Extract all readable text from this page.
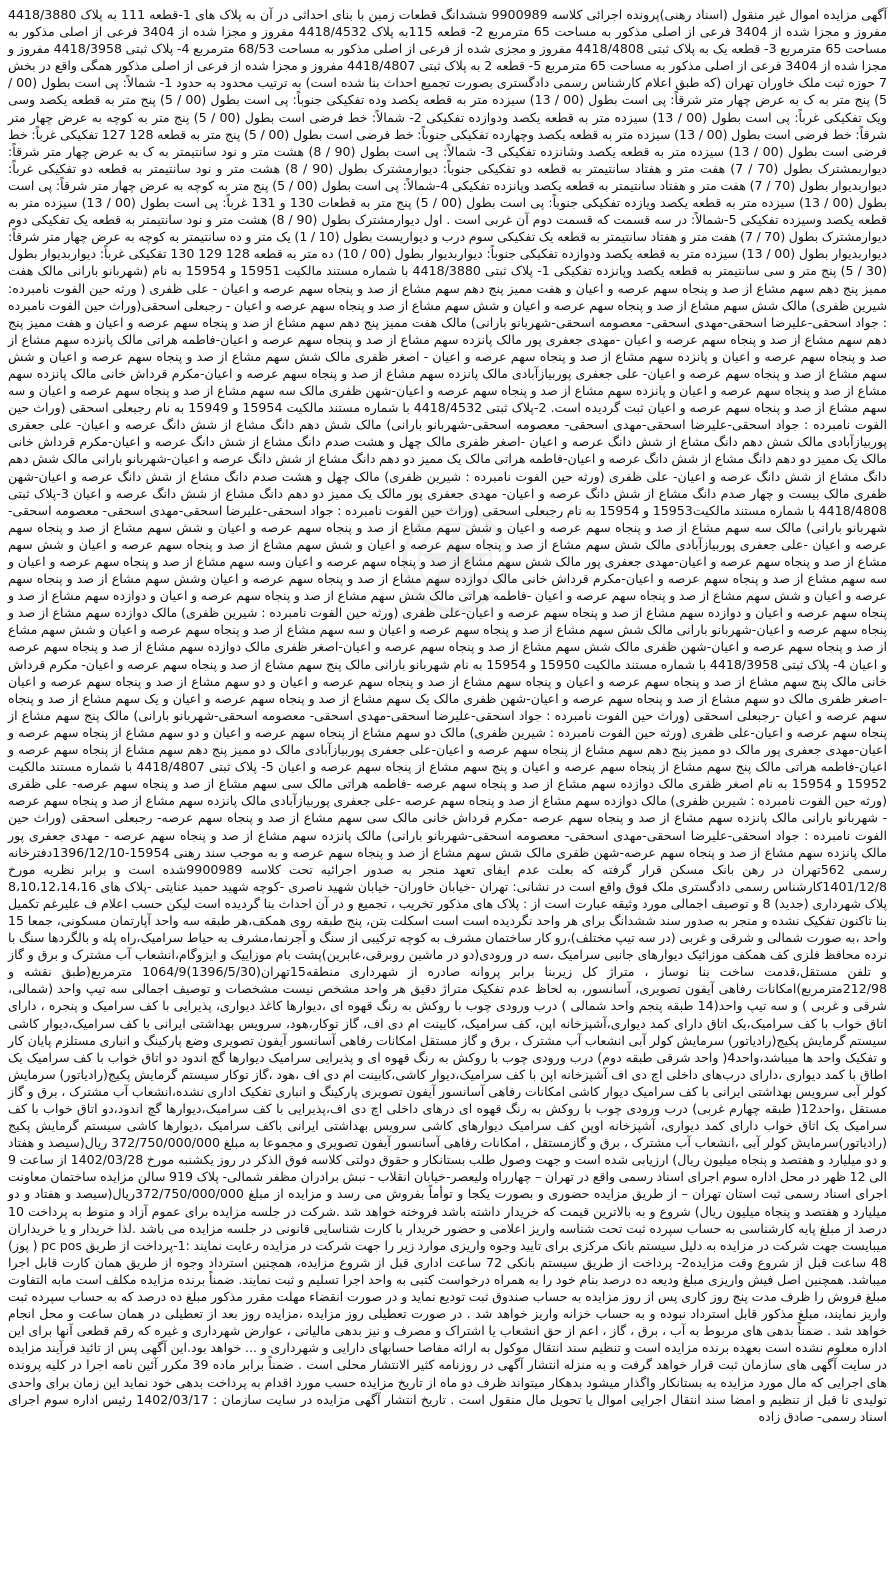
آگهی مزایده اموال غیر منقول (اسناد رهنی)پرونده اجرائی کلاسه 9900989 ششدانگ قطعات زمین با بنای احداثی در آن به پلاک های 1-قطعه 111 به پلاک 4418/3880 مفروز و مجزا شده از 3404 فرعی از اصلی مذکور به مساحت 65 مترمربع 2- قطعه 115به پلاک 4418/4532 مفروز و مجزا شده از 3404 فرعی از اصلی مذکور به مساحت 65 مترمربع 3- قطعه یک به پلاک ثبتی 4418/4808 مفروز و مجزی شده از فرعی از اصلی مذکور به مساحت 68/53 مترمربع 4- پلاک ثبتی 4418/3958 مفروز و مجزا شده از 3404 فرعی از اصلی مذکور به مساحت 65 مترمربع 5- قطعه 2 به پلاک ثبتی 4418/4807 مفروز و مجزا شده از فرعی از اصلی مذکور همگی واقع در بخش 7 حوزه ثبت ملک خاوران تهران (که طبق اعلام کارشناس رسمی دادگستری بصورت تجمیع احداث بنا شده است) به ترتیب محدود به حدود 1- شمالاً: پی است بطول (00 / 5) پنج متر به ک به عرض چهار متر شرقاً: پی است بطول (00 / 13) سیزده متر به قطعه یکصد وده تفکیکی جنوباً: پی است بطول (00 / 5) پنج متر به قطعه یکصد وسی ویک تفکیکی غرباً: پی است بطول (00 / 13) سیزده متر به قطعه یکصد ودوازده تفکیکی 2- شمالاً: خط فرضی است بطول (00 / 5) پنج متر به کوچه به عرض چهار متر شرقاً: خط فرضی است بطول (00 / 13) سیزده متر به قطعه یکصد وچهارده تفکیکی جنوباً: خط فرضی است بطول (00 / 5) پنج متر به قطعه 128 127 تفکیکی غرباً: خط فرضی است بطول (00 / 13) سیزده متر به قطعه یکصد وشانزده تفکیکی 3- شمالاً: پی است بطول (90 / 8) هشت متر و نود سانتیمتر به ک به عرض چهار متر شرقاً: دیواربمشترک بطول (70 / 7) هفت متر و هفتاد سانتیمتر به قطعه دو تفکیکی جنوباً: دیوارمشترک بطول (90 / 8) هشت متر و نود سانتیمتر به قطعه دو تفکیکی غرباً: دیواربدیوار بطول (70 / 7) هفت متر و هفتاد سانتیمتر به قطعه یکصد وپانزده تفکیکی 4-شمالاً: پی است بطول (00 / 5) پنج متر به کوچه به عرض چهار متر شرقاً: پی است بطول (00 / 13) سیزده متر به قطعه یکصد ویازده تفکیکی جنوباً: پی است بطول (00 / 5) پنج متر به قطعات 130 و 131 غرباً: پی است بطول (00 / 13) سیزده متر به قطعه یکصد وسیزده تفکیکی 5-شمالاً: در سه قسمت که قسمت دوم آن غربی است . اول دیوارمشترک بطول (90 / 8) هشت متر و نود سانتیمتر به قطعه یک تفکیکی دوم دیوارمشترک بطول (70 / 7) هفت متر و هفتاد سانتیمتر به قطعه یک تفکیکی سوم درب و دیواریست بطول (10 / 1) یک متر و ده سانتیمتر به کوچه به عرض چهار متر شرقاً: دیواربدیوار بطول (00 / 13) سیزده متر به قطعه یکصد ودوازده تفکیکی جنوباً: دیواربدیوار بطول (00 / 10) ده متر به قطعه 128 129 130 تفکیکی غرباً: دیواربدیوار بطول (30 / 5) پنج متر و سی سانتیمتر به قطعه یکصد وپانزده تفکیکی 1- پلاک ثبتی 4418/3880 با شماره مستند مالکیت 15951 و 15954 به نام (شهربانو بارانی مالک هفت ممیز پنج دهم سهم مشاع از صد و پنجاه سهم عرصه و اعیان و هفت ممیز پنج دهم سهم مشاع از صد و پنجاه سهم عرصه و اعیان - علی ظفری ( ورثه حین الفوت نامبرده: شیرین ظفری) مالک شش سهم مشاع از صد و پنجاه سهم عرصه و اعیان و شش سهم مشاع از صد و پنجاه سهم عرصه و اعیان - رجبعلی اسحقی(وراث حین الفوت نامبرده : جواد اسحقی-علیرضا اسحقی-مهدی اسحقی- معصومه اسحقی-شهربانو بارانی) مالک هفت ممیز پنج دهم سهم مشاع از صد و پنجاه سهم عرصه و اعیان و هفت ممیز پنج دهم سهم مشاع از صد و پنجاه سهم عرصه و اعیان -مهدی جعفری پور مالک پانزده سهم مشاع از صد و پنجاه سهم عرصه و اعیان-فاطمه هراتی مالک پانزده سهم مشاع از صد و پنجاه سهم عرصه و اعیان و پانزده سهم مشاع از صد و پنجاه سهم عرصه و اعیان - اصغر ظفری مالک شش سهم مشاع از صد و پنجاه سهم عرصه و اعیان و شش سهم مشاع از صد و پنجاه سهم عرصه و اعیان- علی جعفری پوربیازآبادی مالک پانزده سهم مشاع از صد و پنجاه سهم عرصه و اعیان-مکرم قرداش خانی مالک پانزده سهم مشاع از صد و پنجاه سهم عرصه و اعیان و پانزده سهم مشاع از صد و پنجاه سهم عرصه و اعیان-شهن ظفری مالک سه سهم مشاع از صد و پنجاه سهم عرصه و اعیان و سه سهم مشاع از صد و پنجاه سهم عرصه و اعیان ثبت گردیده است. 2-پلاک ثبتی 4418/4532 با شماره مستند مالکیت 15954 و 15949 به نام رجبعلی اسحقی (وراث حین الفوت نامبرده : جواد اسحقی-علیرضا اسحقی-مهدی اسحقی- معصومه اسحقی-شهربانو بارانی) مالک شش دهم دانگ مشاع از شش دانگ عرصه و اعیان- علی جعفری پوربیازآبادی مالک شش دهم دانگ مشاع از شش دانگ عرصه و اعیان -اصغر ظفری مالک چهل و هشت صدم دانگ مشاع از شش دانگ عرصه و اعیان-مکرم قرداش خانی مالک یک ممیز دو دهم دانگ مشاع از شش دانگ عرصه و اعیان-فاطمه هراتی مالک یک ممیز دو دهم دانگ مشاع از شش دانگ عرصه و اعیان-شهربانو بارانی مالک شش دهم دانگ مشاع از شش دانگ عرصه و اعیان- علی ظفری (ورثه حین الفوت نامبرده : شیرین ظفری) مالک چهل و هشت صدم دانگ مشاع از شش دانگ عرصه و اعیان-شهن ظفری مالک بیست و چهار صدم دانگ مشاع از شش دانگ عرصه و اعیان- مهدی جعفری پور مالک یک ممیز دو دهم دانگ مشاع از شش دانگ عرصه و اعیان 3-پلاک ثبتی 4418/4808 با شماره مستند مالکیت15953 و 15954 به نام رجبعلی اسحقی (وراث حین الفوت نامبرده : جواد اسحقی-علیرضا اسحقی-مهدی اسحقی- معصومه اسحقی-شهربانو بارانی) مالک سه سهم مشاع از صد و پنجاه سهم عرصه و اعیان و شش سهم مشاع از صد و پنجاه سهم عرصه و اعیان و شش سهم مشاع از صد و پنجاه سهم عرصه و اعیان -علی جعفری پوربیازآبادی مالک شش سهم مشاع از صد و پنجاه سهم عرصه و اعیان و شش سهم مشاع از صد و پنجاه سهم عرصه و اعیان و شش سهم مشاع از صد و پنجاه سهم عرصه و اعیان-مهدی جعفری پور مالک شش سهم مشاع از صد و پنجاه سهم عرصه و اعیان وسه سهم مشاع از صد و پنجاه سهم عرصه و اعیان و سه سهم مشاع از صد و پنجاه سهم عرصه و اعیان-مکرم قرداش خانی مالک دوازده سهم مشاع از صد و پنجاه سهم عرصه و اعیان وشش سهم مشاع از صد و پنجاه سهم عرصه و اعیان و شش سهم مشاع از صد و پنجاه سهم عرصه و اعیان -فاطمه هراتی مالک شش سهم مشاع از صد و پنجاه سهم عرصه و اعیان و دوازده سهم مشاع از صد و پنجاه سهم عرصه و اعیان و دوازده سهم مشاع از صد و پنجاه سهم عرصه و اعیان-علی ظفری (ورثه حین الفوت نامبرده : شیرین ظفری) مالک دوازده سهم مشاع از صد و پنجاه سهم عرصه و اعیان-شهربانو بارانی مالک شش سهم مشاع از صد و پنجاه سهم عرصه و اعیان و سه سهم مشاع از صد و پنجاه سهم عرصه و اعیان و شش سهم مشاع از صد و پنجاه سهم عرصه و اعیان-شهن ظفری مالک شش سهم مشاع از صد و پنجاه سهم عرصه و اعیان-اصغر ظفری مالک دوازده سهم مشاع از صد و پنجاه سهم عرصه و اعیان 4- پلاک ثبتی 4418/3958 با شماره مستند مالکیت 15950 و 15954 به نام شهربانو بارانی مالک پنج سهم مشاع از صد و پنجاه سهم عرصه و اعیان- مکرم قرداش خانی مالک پنج سهم مشاع از صد و پنجاه سهم عرصه و اعیان و پنجاه سهم مشاع از صد و پنجاه سهم عرصه و اعیان و دو سهم مشاع از صد و پنجاه سهم عرصه و اعیان -اصغر ظفری مالک دو سهم مشاع از صد و پنجاه سهم عرصه و اعیان-شهن ظفری مالک یک سهم مشاع از صد و پنجاه سهم عرصه و اعیان و یک سهم مشاع از صد و پنجاه سهم عرصه و اعیان -رجبعلی اسحقی (وراث حین الفوت نامبرده : جواد اسحقی-علیرضا اسحقی-مهدی اسحقی- معصومه اسحقی-شهربانو بارانی) مالک پنج سهم مشاع از پنجاه سهم عرصه و اعیان-علی ظفری (ورثه حین الفوت نامبرده : شیرین ظفری) مالک دو سهم مشاع از پنجاه سهم عرصه و اعیان و دو سهم مشاع از پنجاه سهم عرصه و اعیان-مهدی جعفری پور مالک دو ممیز پنج دهم سهم مشاع از پنجاه سهم عرصه و اعیان-علی جعفری پوربیازآبادی مالک دو ممیز پنج دهم سهم مشاع از پنجاه سهم عرصه و اعیان-فاطمه هراتی مالک پنج سهم مشاع از پنجاه سهم عرصه و اعیان و پنج سهم مشاع از پنجاه سهم عرصه و اعیان 5- پلاک ثبتی 4418/4807 با شماره مستند مالکیت 15952 و 15954 به نام اصغر ظفری مالک دوازده سهم مشاع از صد و پنجاه سهم عرصه -فاطمه هراتی مالک سی سهم مشاع از صد و پنجاه سهم عرصه- علی ظفری (ورثه حین الفوت نامبرده : شیرین ظفری) مالک دوازده سهم مشاع از صد و پنجاه سهم عرصه -علی جعفری پوربیازآبادی مالک پانزده سهم مشاع از صد و پنجاه سهم عرصه - شهربانو بارانی مالک پانزده سهم مشاع از صد و پنجاه سهم عرصه -مکرم قرداش خانی مالک سی سهم مشاع از صد و پنجاه سهم عرصه- رجبعلی اسحقی (وراث حین الفوت نامبرده : جواد اسحقی-علیرضا اسحقی-مهدی اسحقی- معصومه اسحقی-شهربانو بارانی) مالک پانزده سهم مشاع از صد و پنجاه سهم عرصه - مهدی جعفری پور مالک پانزده سهم مشاع از صد و پنجاه سهم عرصه-شهن ظفری مالک شش سهم مشاع از صد و پنجاه سهم عرصه و به موجب سند رهنی 15954-1396/12/10دفترخانه رسمی 562تهران در رهن بانک مسکن قرار گرفته که بعلت عدم ایفای تعهد منجر به صدور اجرائیه تحت کلاسه 9900989شده است و برابر نظریه مورخ 1401/12/8کارشناس رسمی دادگستری ملک فوق واقع است در نشانی: تهران -خیابان خاوران- خیابان شهید ناصری -کوچه شهید حمید عنایتی -پلاک های 8،10،12،14،16 پلاک شهرداری (جدید) 8 و توصیف اجمالی مورد وثیقه عبارت است از : پلاک های مذکور تخریب ، تجمیع و در آن احداث بنا گردیده است لیکن حسب اعلام ف علیرغم تکمیل بنا تاکنون تفکیک نشده و منجر به صدور سند ششدانگ برای هر واحد نگردیده است است اسکلت بتن، پنج طبقه روی همکف،هر طبقه سه واحد آپارتمان مسکونی، جمعا 15 واحد ،به صورت شمالی و شرقی و غربی (در سه تیپ مختلف)،رو کار ساختمان مشرف به کوچه ترکیبی از سنگ و آجرنما،مشرف به حیاط سرامیک،راه پله و بالگردها سنگ با نرده محافظ فلزی کف همکف موزائیک دیوارهای جانبی سرامیک ،سه در ورودی(دو در ماشین روبرقی،عابرین)پشت بام موزاییک و ایزوگام،انشعاب آب مشترک و برق و گاز و تلفن مستقل،قدمت ساخت بنا نوساز ، متراژ کل زیربنا برابر پروانه صادره از شهرداری منطقه15تهران(1396/5/30)1064/9 مترمربع(طبق نقشه و 212/98مترمربع)امکانات رفاهی آیفون تصویری، آسانسور، به لحاظ عدم تفکیک متراژ دقیق هر واحد مشخص نیست مشخصات و توصیف اجمالی سه تیپ واحد (شمالی، شرقی و غربی ) و سه تیپ واحد(14 طبقه پنجم واحد شمالی ) درب ورودی چوب با روکش به رنگ قهوه ای ،دیوارها کاغذ دیواری، پذیرایی با کف سرامیک و پنجره ، دارای اتاق خواب با کف سرامیک،یک اتاق دارای کمد دیواری،آشپزخانه اپن، کف سرامیک، کابینت ام دی اف، گاز توکار،هود، سرویس بهداشتی ایرانی با کف سرامیک،دیوار کاشی سیستم گرمایش پکیج(رادیاتور) سرمایش کولر آبی انشعاب آب مشترک ، برق و گاز مستقل امکانات رفاهی آسانسور آیفون تصویری وضع پارکینگ و انباری مستلزم پایان کار و تفکیک واحد ها میباشد،واحد4( واحد شرقی طبقه دوم) درب ورودی چوب با روکش به رنگ قهوه ای و پذیرایی سرامیک دیوارها گچ اندود دو اتاق خواب با کف سرامیک یک اطاق با کمد دیواری ،دارای درب‌های داخلی اچ دی اف آشپزخانه اپن با کف سرامیک،دیوار کاشی،کابینت ام دی اف ،هود ،گاز توکار سیستم گرمایش پکیج(رادیاتور) سرمایش کولر آبی سرویس بهداشتی ایرانی با کف سرامیک دیوار کاشی امکانات رفاهی آسانسور آیفون تصویری پارکینگ و انباری تفکیک اداری نشده،انشعاب آب مشترک ، برق و گاز مستقل ،واحد12( طبقه چهارم غربی) درب ورودی چوب با روکش به رنگ قهوه ای درهای داخلی اچ دی اف،پذیرایی با کف سرامیک،دیوارها گچ اندود،دو اتاق خواب با کف سرامیک یک اتاق خواب دارای کمد دیواری، آشپزخانه اوپن کف سرامیک دیوارهای کاشی سرویس بهداشتی ایرانی باکف سرامیک ،دیوارها کاشی سیستم گرمایش پکیج (رادیاتور)سرمایش کولر آبی ،انشعاب آب مشترک ، برق و گازمستقل ، امکانات رفاهی آسانسور آیفون تصویری و مجموعا به مبلغ 372/750/000/000 ریال(سیصد و هفتاد و دو میلیارد و هفتصد و پنجاه میلیون ریال) ارزیابی شده است و جهت وصول طلب بستانکار و حقوق دولتی کلاسه فوق الذکر در روز یکشنبه مورخ 1402/03/28 از ساعت 9 الی 12 ظهر در محل اداره سوم اجرای اسناد رسمی واقع در تهران – چهارراه ولیعصر-خیابان انقلاب - نبش برادران مظفر شمالی- پلاک 919 سالن مزایده ساختمان معاونت اجرای اسناد رسمی ثبت استان تهران – از طریق مزایده حضوری و بصورت یکجا و توأماً بفروش می رسد و مزایده از مبلغ 372/750/000/000ریال(سیصد و هفتاد و دو میلیارد و هفتصد و پنجاه میلیون ریال) شروع و به بالاترین قیمت که خریدار داشته باشد فروخته خواهد شد .شرکت در جلسه مزایده برای عموم آزاد و منوط به پرداخت 10 درصد از مبلغ پایه کارشناسی به حساب سپرده ثبت تحت شناسه واریز اعلامی و حضور خریدار با کارت شناسایی قانونی در جلسه مزایده می باشد .لذا خریدار و یا خریداران میبایست جهت شرکت در مزایده به دلیل سیستم بانک مرکزی برای تایید وجوه واریزی موارد زیر را جهت شرکت در مزایده رعایت نمایند :1-پرداخت از طریق pc pos ( پوز) 48 ساعت قبل از شروع وقت مزایده2- پرداخت از طریق سیستم بانکی 72 ساعت اداری قبل از شروع مزایده، همچنین استرداد وجوه از طریق همان کارت قابل اجرا میباشد. همچنین اصل فیش واریزی مبلغ ودیعه ده درصد بنام خود را به همراه درخواست کتبی به واحد اجرا تسلیم و ثبت نمایند. ضمناً برنده مزایده مکلف است مابه التفاوت مبلغ فروش را ظرف مدت پنج روز کاری پس از روز مزایده به حساب صندوق ثبت تودیع نماید و در صورت انقضاء مهلت مقرر مذکور مبلغ ده درصد که به حساب سپرده ثبت واریز نمایند، مبلغ مذکور قابل استرداد نبوده و به حساب خزانه واریز خواهد شد . در صورت تعطیلی روز مزایده ،مزایده روز بعد از تعطیلی در همان ساعت و محل انجام خواهد شد . ضمناً بدهی های مربوط به آب ، برق ، گاز ، اعم از حق انشعاب یا اشتراک و مصرف و نیز بدهی مالیاتی ، عوارض شهرداری و غیره که رقم قطعی آنها برای این اداره معلوم نشده است بعهده برنده مزایده است و تنظیم سند انتقال موکول به ارائه مفاصا حسابهای دارایی و شهرداری و ... خواهد بود.این آگهی پس از تائید فرآیند مزایده در سایت آگهی های سازمان ثبت قرار خواهد گرفت و به منزله انتشار آگهی در روزنامه کثیر الانتشار محلی است . ضمناً برابر ماده 39 مکرر آئین نامه اجرا در کلیه پرونده های اجرایی که مال مورد مزایده به بستانکار واگذار میشود بدهکار میتواند ظرف دو ماه از تاریخ مزایده حسب مورد اقدام به پرداخت بدهی خود نماید این زمان برای واحدی تولیدی تا قبل از تنظیم و امضا سند انتقال اجرایی اموال یا تحویل مال منقول است . تاریخ انتشار آگهی مزایده در سایت سازمان : 1402/03/17 رئیس اداره سوم اجرای اسناد رسمی- صادق زاده
